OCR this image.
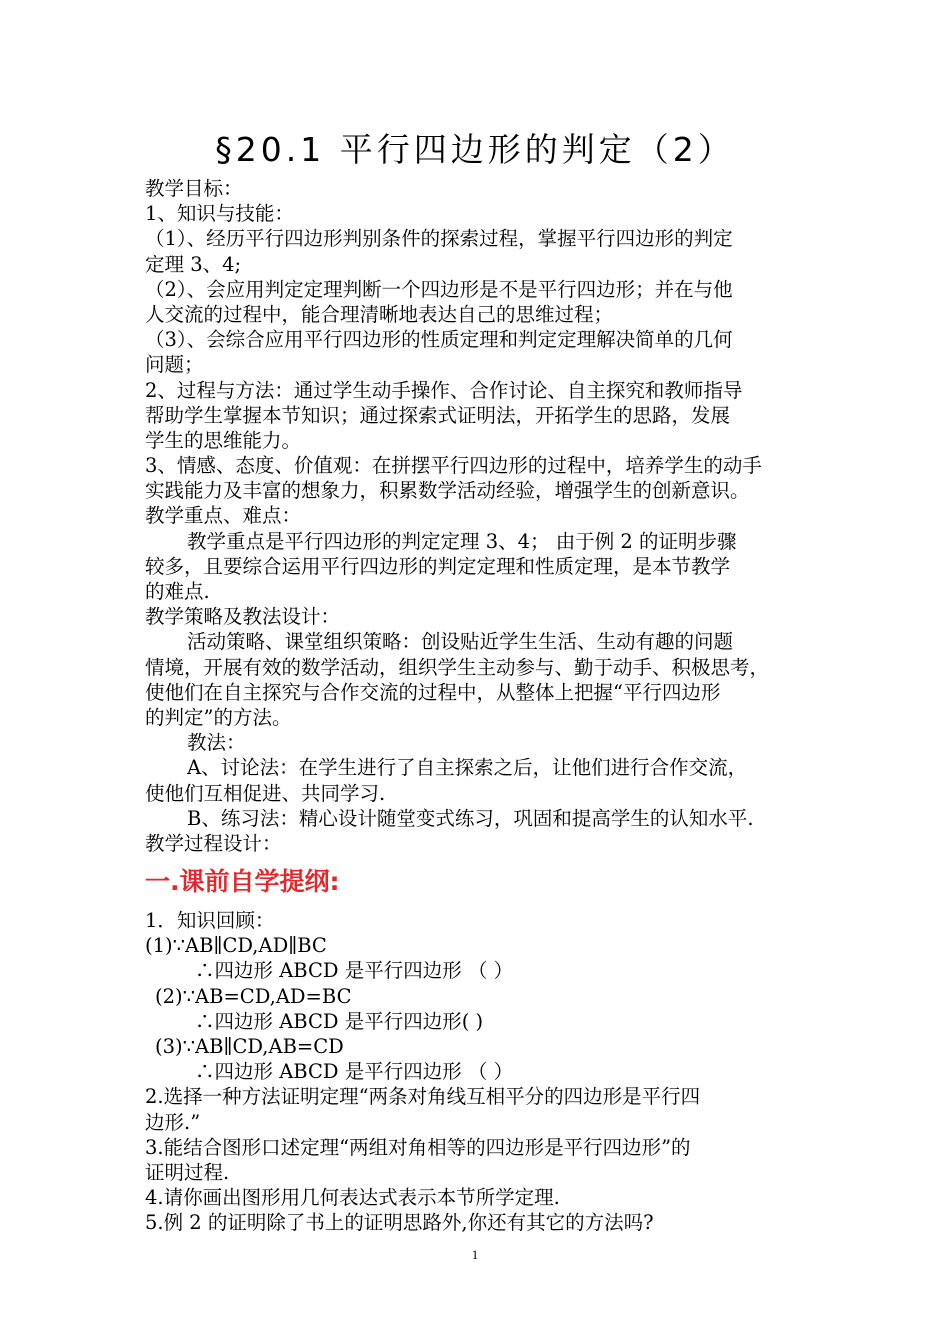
§20.1 平行四边形的判定（2）
教学目标：
1、知识与技能：
（1）、经历平行四边形判别条件的探索过程，掌握平行四边形的判定
定理 3、4;
（2）、会应用判定定理判断一个四边形是不是平行四边形；并在与他
人交流的过程中，能合理清晰地表达自己的思维过程；
（3）、会综合应用平行四边形的性质定理和判定定理解决简单的几何
问题；
2、过程与方法：通过学生动手操作、合作讨论、自主探究和教师指导
帮助学生掌握本节知识；通过探索式证明法，开拓学生的思路，发展
学生的思维能力。
3、情感、态度、价值观：在拼摆平行四边形的过程中，培养学生的动手
实践能力及丰富的想象力，积累数学活动经验，增强学生的创新意识。
教学重点、难点：
教学重点是平行四边形的判定定理 3、4； 由于例 2 的证明步骤
较多，且要综合运用平行四边形的判定定理和性质定理，是本节教学
的难点.
教学策略及教法设计：
活动策略、课堂组织策略：创设贴近学生生活、生动有趣的问题
情境，开展有效的数学活动，组织学生主动参与、勤于动手、积极思考，
使他们在自主探究与合作交流的过程中，从整体上把握“平行四边形
的判定”的方法。
教法：
A、讨论法：在学生进行了自主探索之后，让他们进行合作交流，
使他们互相促进、共同学习.
B、练习法：精心设计随堂变式练习，巩固和提高学生的认知水平.
教学过程设计：
一.课前自学提纲:
1．知识回顾：
(1)∵AB∥CD,AD∥BC
∴四边形 ABCD 是平行四边形 （ ）
(2)∵AB=CD,AD=BC
∴四边形 ABCD 是平行四边形( )
(3)∵AB∥CD,AB=CD
∴四边形 ABCD 是平行四边形 （ ）
2.选择一种方法证明定理“两条对角线互相平分的四边形是平行四
边形.”
3.能结合图形口述定理“两组对角相等的四边形是平行四边形”的
证明过程.
4.请你画出图形用几何表达式表示本节所学定理.
5.例 2 的证明除了书上的证明思路外,你还有其它的方法吗?
1
